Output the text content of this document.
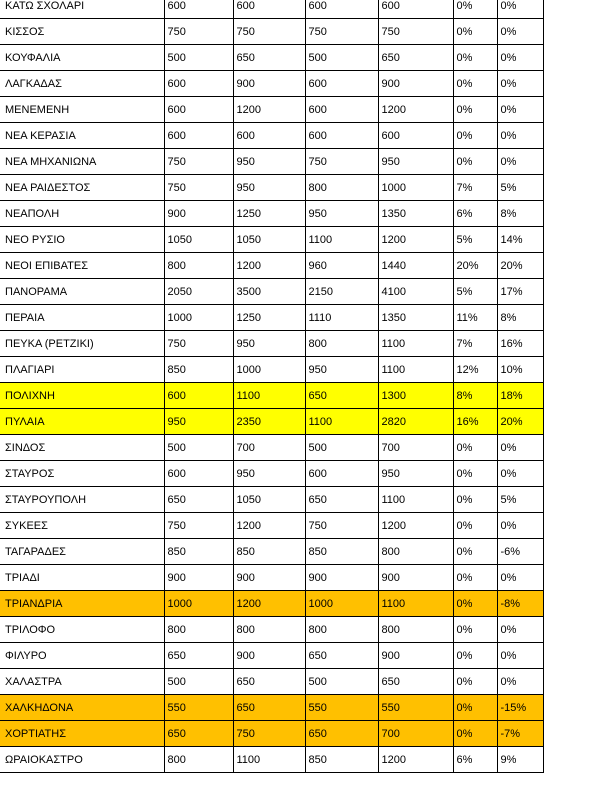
ΚΑΤΩ ΣΧΟΛΑΡΙ	600	600	600	600	0%	0%
ΚΙΣΣΟΣ	750	750	750	750	0%	0%
ΚΟΥΦΑΛΙΑ	500	650	500	650	0%	0%
ΛΑΓΚΑΔΑΣ	600	900	600	900	0%	0%
ΜΕΝΕΜΕΝΗ	600	1200	600	1200	0%	0%
ΝΕΑ ΚΕΡΑΣΙΑ	600	600	600	600	0%	0%
ΝΕΑ ΜΗΧΑΝΙΩΝΑ	750	950	750	950	0%	0%
ΝΕΑ ΡΑΙΔΕΣΤΟΣ	750	950	800	1000	7%	5%
ΝΕΑΠΟΛΗ	900	1250	950	1350	6%	8%
ΝΕΟ ΡΥΣΙΟ	1050	1050	1100	1200	5%	14%
ΝΕΟΙ ΕΠΙΒΑΤΕΣ	800	1200	960	1440	20%	20%
ΠΑΝΟΡΑΜΑ	2050	3500	2150	4100	5%	17%
ΠΕΡΑΙΑ	1000	1250	1110	1350	11%	8%
ΠΕΥΚΑ (ΡΕΤΖΙΚΙ)	750	950	800	1100	7%	16%
ΠΛΑΓΙΑΡΙ	850	1000	950	1100	12%	10%
ΠΟΛΙΧΝΗ	600	1100	650	1300	8%	18%
ΠΥΛΑΙΑ	950	2350	1100	2820	16%	20%
ΣΙΝΔΟΣ	500	700	500	700	0%	0%
ΣΤΑΥΡΟΣ	600	950	600	950	0%	0%
ΣΤΑΥΡΟΥΠΟΛΗ	650	1050	650	1100	0%	5%
ΣΥΚΕΕΣ	750	1200	750	1200	0%	0%
ΤΑΓΑΡΑΔΕΣ	850	850	850	800	0%	-6%
ΤΡΙΑΔΙ	900	900	900	900	0%	0%
ΤΡΙΑΝΔΡΙΑ	1000	1200	1000	1100	0%	-8%
ΤΡΙΛΟΦΟ	800	800	800	800	0%	0%
ΦΙΛΥΡΟ	650	900	650	900	0%	0%
ΧΑΛΑΣΤΡΑ	500	650	500	650	0%	0%
ΧΑΛΚΗΔΟΝΑ	550	650	550	550	0%	-15%
ΧΟΡΤΙΑΤΗΣ	650	750	650	700	0%	-7%
ΩΡΑΙΟΚΑΣΤΡΟ	800	1100	850	1200	6%	9%
